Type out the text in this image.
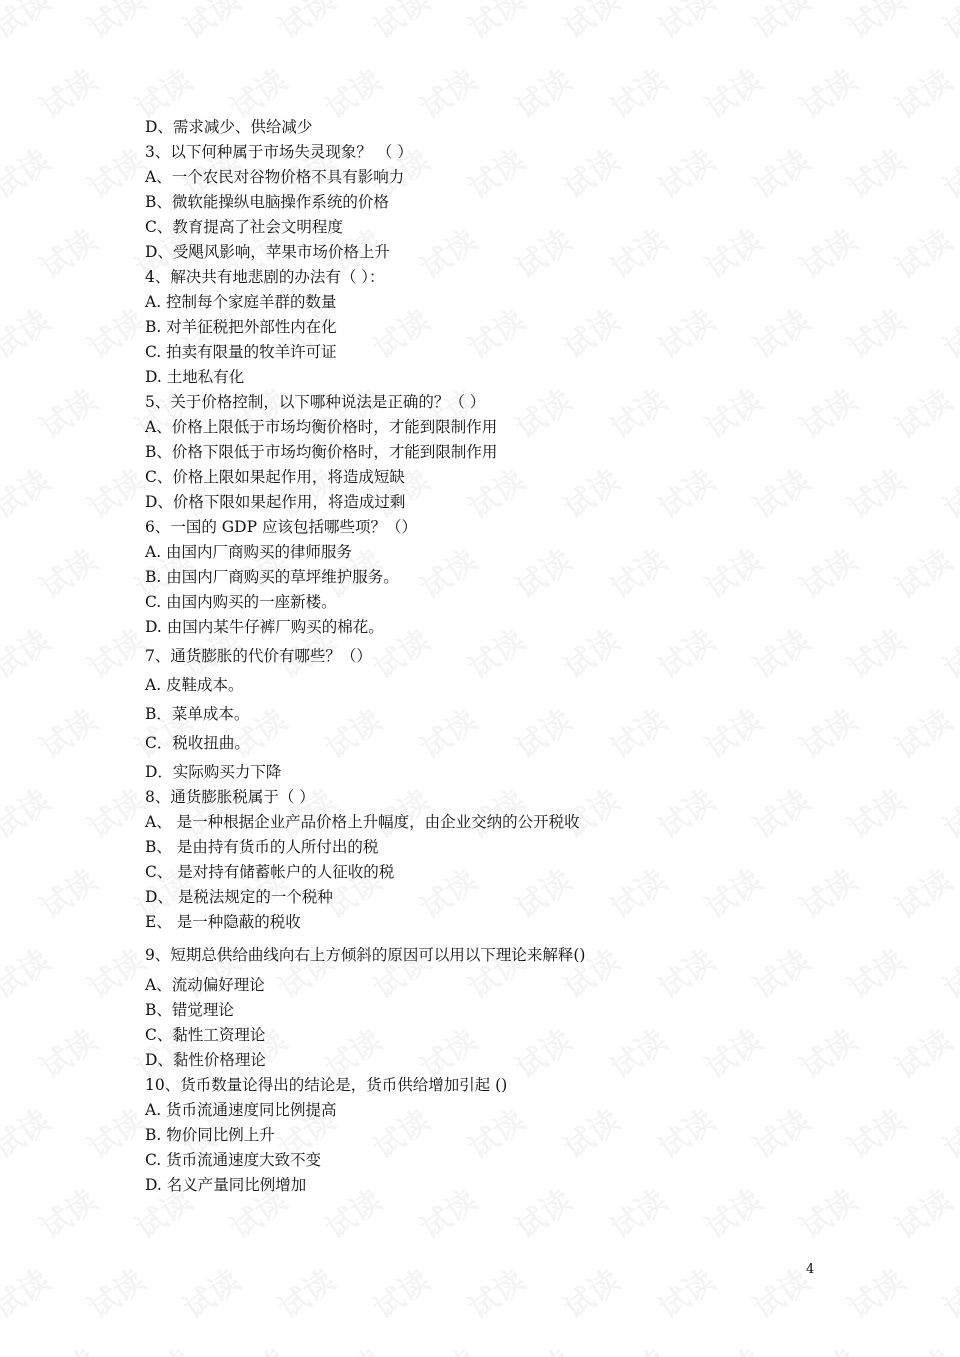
D、需求减少、供给减少
3、以下何种属于市场失灵现象？ （ ）
A、一个农民对谷物价格不具有影响力
B、微软能操纵电脑操作系统的价格
C、教育提高了社会文明程度
D、受飓风影响，苹果市场价格上升
4、解决共有地悲剧的办法有（ ）：
A. 控制每个家庭羊群的数量
B. 对羊征税把外部性内在化
C. 拍卖有限量的牧羊许可证
D. 土地私有化
5、关于价格控制，以下哪种说法是正确的？（ ）
A、价格上限低于市场均衡价格时，才能到限制作用
B、价格下限低于市场均衡价格时，才能到限制作用
C、价格上限如果起作用，将造成短缺
D、价格下限如果起作用，将造成过剩
6、一国的 GDP 应该包括哪些项？（）
A. 由国内厂商购买的律师服务
B. 由国内厂商购买的草坪维护服务。
C. 由国内购买的一座新楼。
D. 由国内某牛仔裤厂购买的棉花。
7、通货膨胀的代价有哪些？（）
A. 皮鞋成本。
B．菜单成本。
C．税收扭曲。
D．实际购买力下降
8、通货膨胀税属于（ ）
A、 是一种根据企业产品价格上升幅度，由企业交纳的公开税收
B、 是由持有货币的人所付出的税
C、 是对持有储蓄帐户的人征收的税
D、 是税法规定的一个税种
E、 是一种隐蔽的税收
9、短期总供给曲线向右上方倾斜的原因可以用以下理论来解释()
A、流动偏好理论
B、错觉理论
C、黏性工资理论
D、黏性价格理论
10、货币数量论得出的结论是，货币供给增加引起 ()
A. 货币流通速度同比例提高
B. 物价同比例上升
C. 货币流通速度大致不变
D. 名义产量同比例增加
4
